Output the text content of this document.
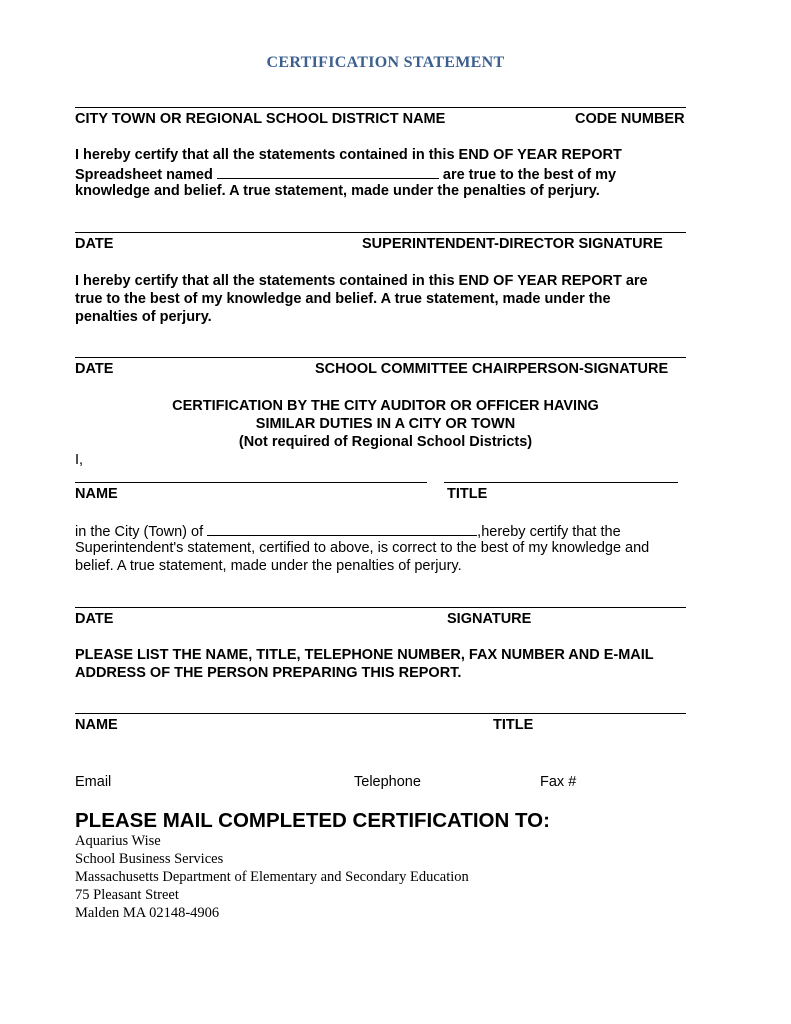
CERTIFICATION STATEMENT
CITY TOWN OR REGIONAL SCHOOL DISTRICT NAME	CODE NUMBER
I hereby certify that all the statements contained in this END OF YEAR REPORT
Spreadsheet named	are true to the best of my
knowledge and belief. A true statement, made under the penalties of perjury.
DATE	SUPERINTENDENT-DIRECTOR SIGNATURE
I hereby certify that all the statements contained in this END OF YEAR REPORT are
true to the best of my knowledge and belief. A true statement, made under the
penalties of perjury.
DATE	SCHOOL COMMITTEE CHAIRPERSON-SIGNATURE
CERTIFICATION BY THE CITY AUDITOR OR OFFICER HAVING
SIMILAR DUTIES IN A CITY OR TOWN
(Not required of Regional School Districts)
I,
NAME	TITLE
in the City (Town) of	,hereby certify that the
Superintendent's statement, certified to above, is correct to the best of my knowledge and
belief. A true statement, made under the penalties of perjury.
DATE	SIGNATURE
PLEASE LIST THE NAME, TITLE, TELEPHONE NUMBER, FAX NUMBER AND E-MAIL
ADDRESS OF THE PERSON PREPARING THIS REPORT.
NAME	TITLE
Email	Telephone	Fax #
PLEASE MAIL COMPLETED CERTIFICATION TO:
Aquarius Wise
School Business Services
Massachusetts Department of Elementary and Secondary Education
75 Pleasant Street
Malden MA 02148-4906
